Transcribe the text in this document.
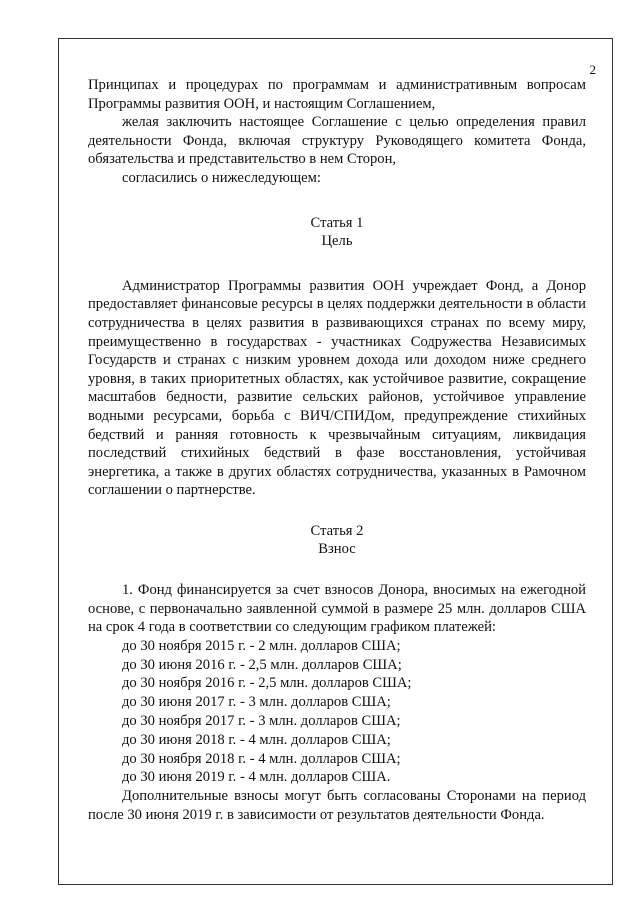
2

Принципах и процедурах по программам и административным вопросам Программы развития ООН, и настоящим Соглашением,

желая заключить настоящее Соглашение с целью определения правил деятельности Фонда, включая структуру Руководящего комитета Фонда, обязательства и представительство в нем Сторон,

согласились о нижеследующем:

Статья 1

Цель

Администратор Программы развития ООН учреждает Фонд, а Донор предоставляет финансовые ресурсы в целях поддержки деятельности в области сотрудничества в целях развития в развивающихся странах по всему миру, преимущественно в государствах - участниках Содружества Независимых Государств и странах с низким уровнем дохода или доходом ниже среднего уровня, в таких приоритетных областях, как устойчивое развитие, сокращение масштабов бедности, развитие сельских районов, устойчивое управление водными ресурсами, борьба с ВИЧ/СПИДом, предупреждение стихийных бедствий и ранняя готовность к чрезвычайным ситуациям, ликвидация последствий стихийных бедствий в фазе восстановления, устойчивая энергетика, а также в других областях сотрудничества, указанных в Рамочном соглашении о партнерстве.

Статья 2

Взнос

1. Фонд финансируется за счет взносов Донора, вносимых на ежегодной основе, с первоначально заявленной суммой в размере 25 млн. долларов США на срок 4 года в соответствии со следующим графиком платежей:

до 30 ноября 2015 г. - 2 млн. долларов США;
до 30 июня 2016 г. - 2,5 млн. долларов США;
до 30 ноября 2016 г. - 2,5 млн. долларов США;
до 30 июня 2017 г. - 3 млн. долларов США;
до 30 ноября 2017 г. - 3 млн. долларов США;
до 30 июня 2018 г. - 4 млн. долларов США;
до 30 ноября 2018 г. - 4 млн. долларов США;
до 30 июня 2019 г. - 4 млн. долларов США.

Дополнительные взносы могут быть согласованы Сторонами на период после 30 июня 2019 г. в зависимости от результатов деятельности Фонда.
